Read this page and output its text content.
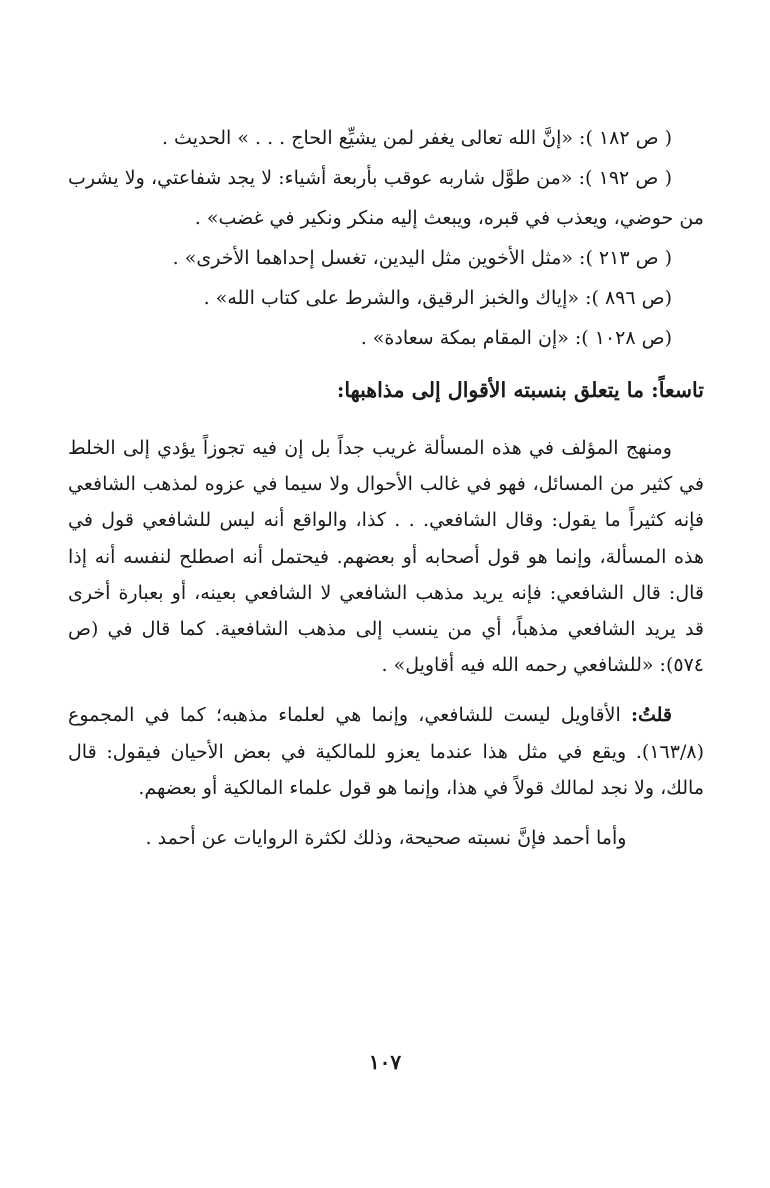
( ص ١٨٢ ): «إنَّ الله تعالى يغفر لمن يشيِّع الحاج . . . » الحديث .
( ص ١٩٢ ): «من طوَّل شاربه عوقب بأربعة أشياء: لا يجد شفاعتي، ولا يشرب من حوضي، ويعذب في قبره، ويبعث إليه منكر ونكير في غضب» .
( ص ٢١٣ ): «مثل الأخوين مثل اليدين، تغسل إحداهما الأخرى» .
(ص ٨٩٦ ): «إياك والخبز الرقيق، والشرط على كتاب الله» .
(ص ١٠٢٨ ): «إن المقام بمكة سعادة» .
تاسعاً: ما يتعلق بنسبته الأقوال إلى مذاهبها:

ومنهج المؤلف في هذه المسألة غريب جداً بل إن فيه تجوزاً يؤدي إلى الخلط في كثير من المسائل، فهو في غالب الأحوال ولا سيما في عزوه لمذهب الشافعي فإنه كثيراً ما يقول: وقال الشافعي. . . كذا، والواقع أنه ليس للشافعي قول في هذه المسألة، وإنما هو قول أصحابه أو بعضهم. فيحتمل أنه اصطلح لنفسه أنه إذا قال: قال الشافعي: فإنه يريد مذهب الشافعي لا الشافعي بعينه، أو بعبارة أخرى قد يريد الشافعي مذهباً، أي من ينسب إلى مذهب الشافعية. كما قال في (ص ٥٧٤): «للشافعي رحمه الله فيه أقاويل» .

قلتُ: الأقاويل ليست للشافعي، وإنما هي لعلماء مذهبه؛ كما في المجموع (١٦٣/٨). ويقع في مثل هذا عندما يعزو للمالكية في بعض الأحيان فيقول: قال مالك، ولا نجد لمالك قولاً في هذا، وإنما هو قول علماء المالكية أو بعضهم.

وأما أحمد فإنَّ نسبته صحيحة، وذلك لكثرة الروايات عن أحمد .

١٠٧
